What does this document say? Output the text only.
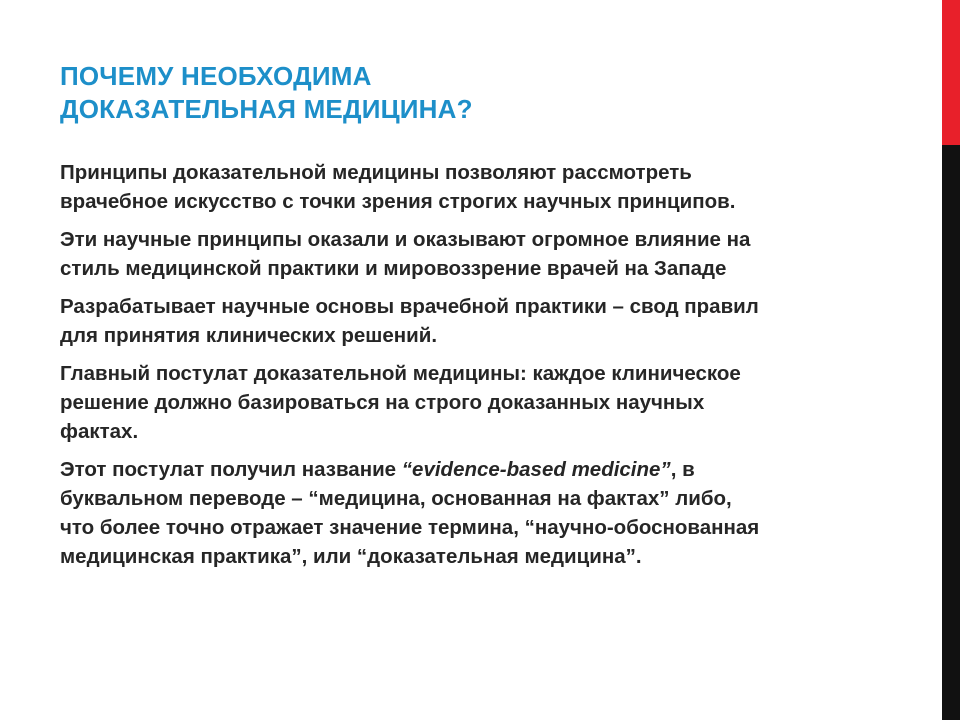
ПОЧЕМУ НЕОБХОДИМА
ДОКАЗАТЕЛЬНАЯ МЕДИЦИНА?
Принципы доказательной медицины позволяют рассмотреть
врачебное искусство с точки зрения строгих научных принципов.
Эти научные принципы оказали и оказывают огромное влияние на
стиль медицинской практики и мировоззрение врачей на Западе
Разрабатывает научные основы врачебной практики – свод правил
для принятия клинических решений.
Главный постулат доказательной медицины: каждое клиническое
решение должно базироваться на строго доказанных научных
фактах.
Этот постулат получил название “evidence-based medicine”, в
буквальном переводе – “медицина, основанная на фактах” либо,
что более точно отражает значение термина, “научно-обоснованная
медицинская практика”, или “доказательная медицина”.
